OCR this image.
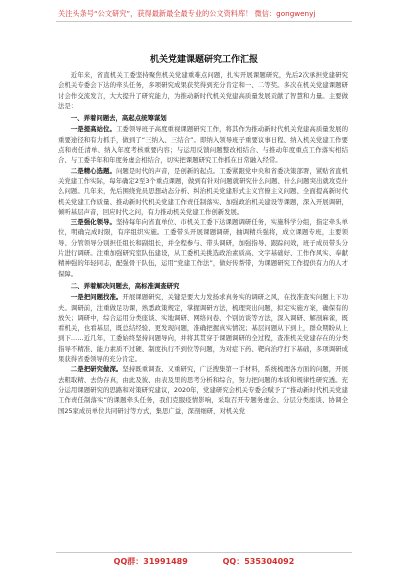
关注头条号“公文研究”，获得最新最全最专业的公文资料库！ 微信：gongwenyj
机关党建课题研究工作汇报

近年来，省直机关工委坚持聚焦机关党建重难点问题，扎实开展课题研究，先后2次承担党建研究会机关专委会下达的牵头任务，多项研究成果获奖得到充分肯定和一、二等奖。多次在机关党建课题研讨会作交流发言，大大提升了研究能力，为推动新时代机关党建高质量发展贡献了智慧和力量。主要做法是：

一、弄着问题去，高起点统筹谋划

一是提高站位。工委领导班子高度重视课题研究工作，将其作为推动新时代机关党建高质量发展的重要途径和有力抓手，做到了“三纳入、三结合”。即纳入领导班子重要议事日程、纳入机关党建工作要点和责任清单、纳入年度考核重要内容；与运用反馈问题整改相结合、与推动年度重点工作落实相结合、与工委半年和年度务虚会相结合，切实把课题研究工作抓在日常融入经常。

二是精心选题。问题是时代的声音，是创新的起点。工委紧跟党中央和省委决策部署，紧贴省直机关党建工作实际，每年确定2至3个重点课题，做到有针对问题就研究什么问题、什么问题突出就攻克什么问题。几年来，先后围绕党员思想动态分析、纠治机关党建形式主义官僚主义问题、全面提高新时代机关党建工作质量、推动新时代机关党建工作责任制落实、加强政治机关建设等课题，深入开展调研，倾听基层声音，回应时代之问，有力推动机关党建工作创新发展。

三是强化领导。坚持每年向省直单位、市机关工委下达课题调研任务，实施科学分组，指定牵头单位，明确完成时限，有序组织实施。工委带头开展课题调研，抽调精兵强将，成立课题专班，主要领导、分管领导分别担任组长和副组长，并全程参与、带头调研，加强指导、跟踪问效，班子成员带头分片进行调研。注重加强研究室队伍建设，从工委机关挑选政治素质高、文字基础好、工作作风实、奉献精神强的年轻同志，配强骨干队伍，运用“党建工作法”，做好传帮带，为课题研究工作提供有力的人才保障。

二、弄着解决问题去，高标准调查研究

一是把问题找准。开展课题研究，关键是要大力发扬求真务实的调研之风，在找准查实问题上下功夫。调研前，注重做足功课，熟悉政策规定，掌握调研方法，梳理突出问题，拟定实施方案，确保有的放矢；调研中，综合运用分类座谈、实地调研、网络问卷、个别访谈等方法，深入调研、解剖麻雀，既看机关，也看基层，既总结经验、更发现问题，准确把握真实情况；基层问题从下到上，群众期盼从上到下……近几年，工委始终坚持问题导向，并将其贯穿于课题调研的全过程，查准机关党建存在的分类指导不精准、能力素质不过硬、制度执行不到位等问题，为对症下药、靶向治疗打下基础，多项调研成果获得省委领导的充分肯定。

二是把研究做深。坚持既重调查、又重研究，广泛搜集第一手材料，系统梳理各方面的问题，开展去粗取精、去伪存真，由此及彼、由表及里的思考分析和综合，努力把问题的本质和规律性研究透。充分运用课题研究的思路和对策研究建议，2020年，党建研究会机关专委会赋予了“推动新时代机关党建工作责任制落实”的课题牵头任务，我们克服疫情影响，采取召开专题务虚会、分层分类座谈、协调全国25家成员单位共同研讨等方式，集思广益，深剖细研，对机关党

QQ群：31991489	QQ：535304092
